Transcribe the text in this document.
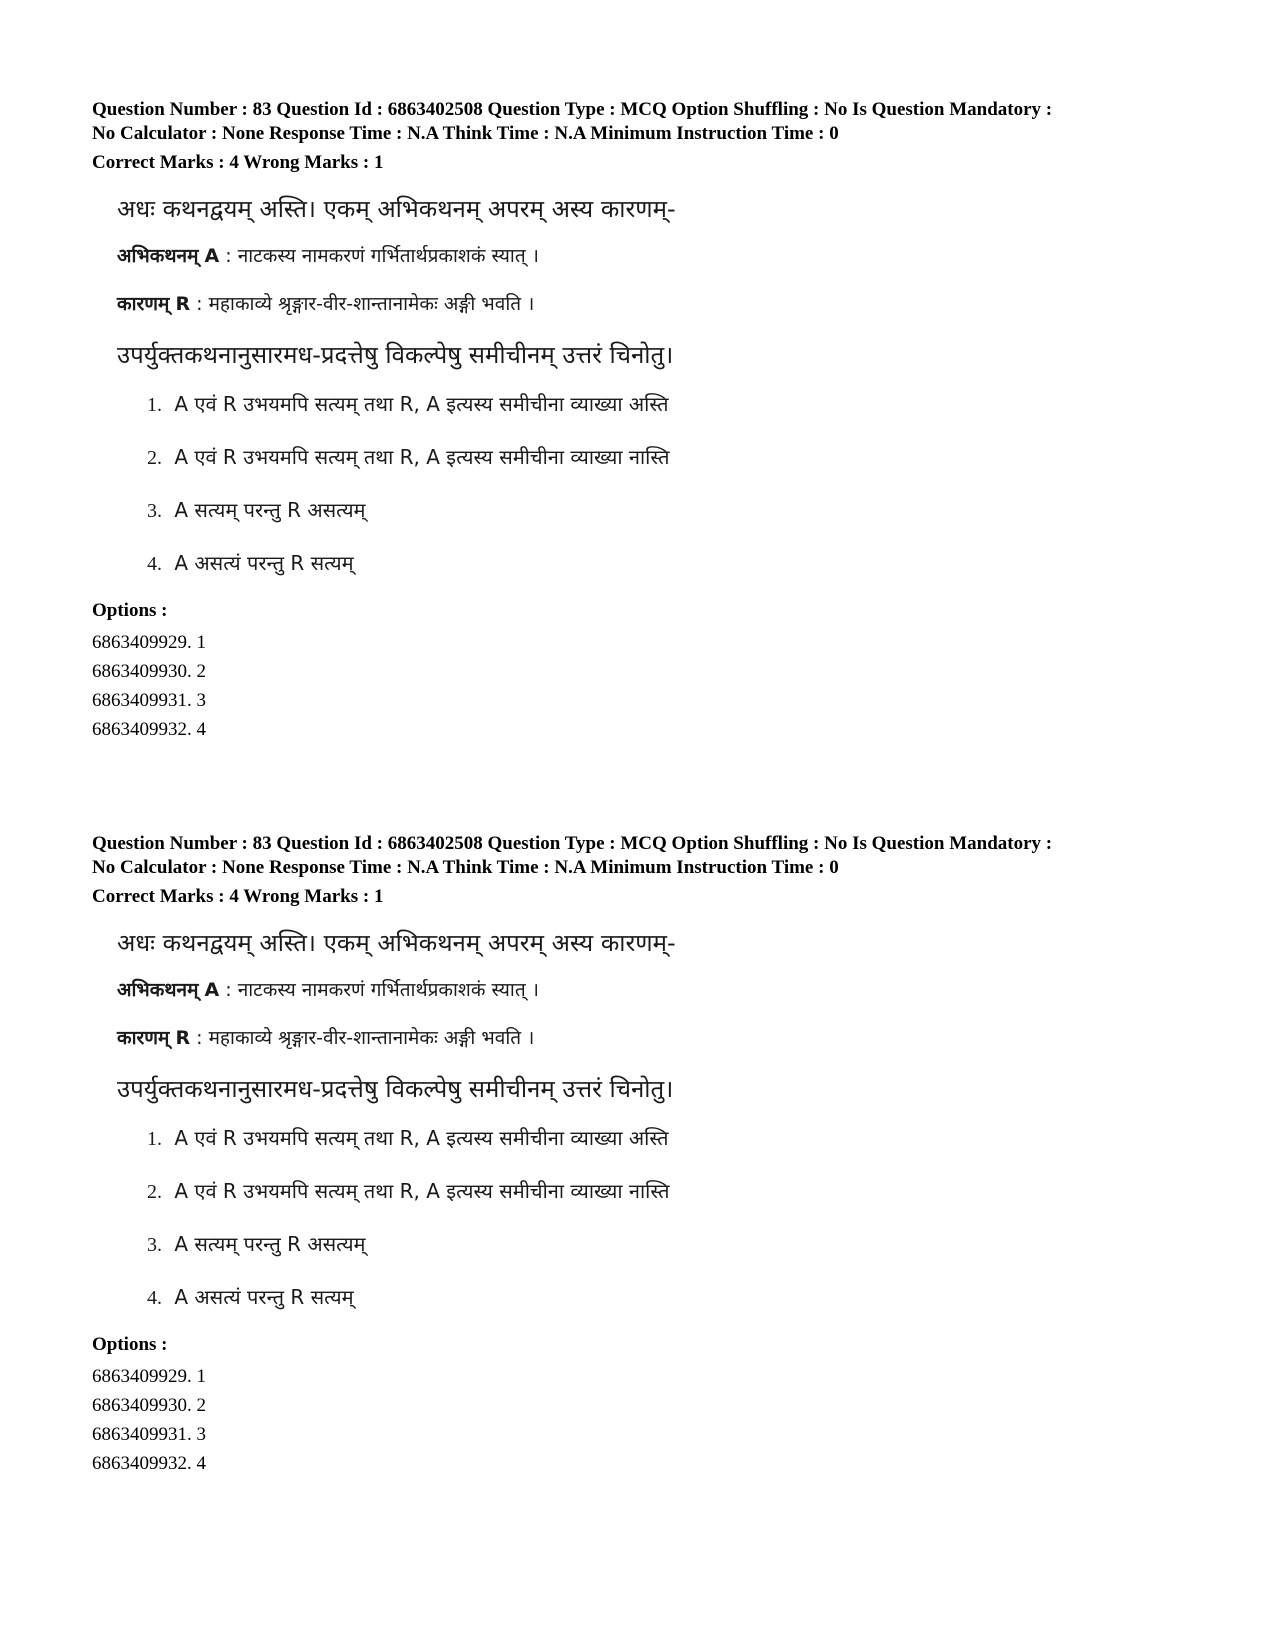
Question Number : 83 Question Id : 6863402508 Question Type : MCQ Option Shuffling : No Is Question Mandatory :
No Calculator : None Response Time : N.A Think Time : N.A Minimum Instruction Time : 0
Correct Marks : 4 Wrong Marks : 1
अधः कथनद्वयम् अस्ति। एकम् अभिकथनम् अपरम् अस्य कारणम्-
अभिकथनम् A : नाटकस्य नामकरणं गर्भितार्थप्रकाशकं स्यात् ।
कारणम् R : महाकाव्ये श्रृङ्गार-वीर-शान्तानामेकः अङ्गी भवति ।
उपर्युक्तकथनानुसारमध-प्रदत्तेषु विकल्पेषु समीचीनम् उत्तरं चिनोतु।
1. A एवं R उभयमपि सत्यम् तथा R, A इत्यस्य समीचीना व्याख्या अस्ति
2. A एवं R उभयमपि सत्यम् तथा R, A इत्यस्य समीचीना व्याख्या नास्ति
3. A सत्यम् परन्तु R असत्यम्
4. A असत्यं परन्तु R सत्यम्
Options :
6863409929. 1
6863409930. 2
6863409931. 3
6863409932. 4
Question Number : 83 Question Id : 6863402508 Question Type : MCQ Option Shuffling : No Is Question Mandatory :
No Calculator : None Response Time : N.A Think Time : N.A Minimum Instruction Time : 0
Correct Marks : 4 Wrong Marks : 1
अधः कथनद्वयम् अस्ति। एकम् अभिकथनम् अपरम् अस्य कारणम्-
अभिकथनम् A : नाटकस्य नामकरणं गर्भितार्थप्रकाशकं स्यात् ।
कारणम् R : महाकाव्ये श्रृङ्गार-वीर-शान्तानामेकः अङ्गी भवति ।
उपर्युक्तकथनानुसारमध-प्रदत्तेषु विकल्पेषु समीचीनम् उत्तरं चिनोतु।
1. A एवं R उभयमपि सत्यम् तथा R, A इत्यस्य समीचीना व्याख्या अस्ति
2. A एवं R उभयमपि सत्यम् तथा R, A इत्यस्य समीचीना व्याख्या नास्ति
3. A सत्यम् परन्तु R असत्यम्
4. A असत्यं परन्तु R सत्यम्
Options :
6863409929. 1
6863409930. 2
6863409931. 3
6863409932. 4
